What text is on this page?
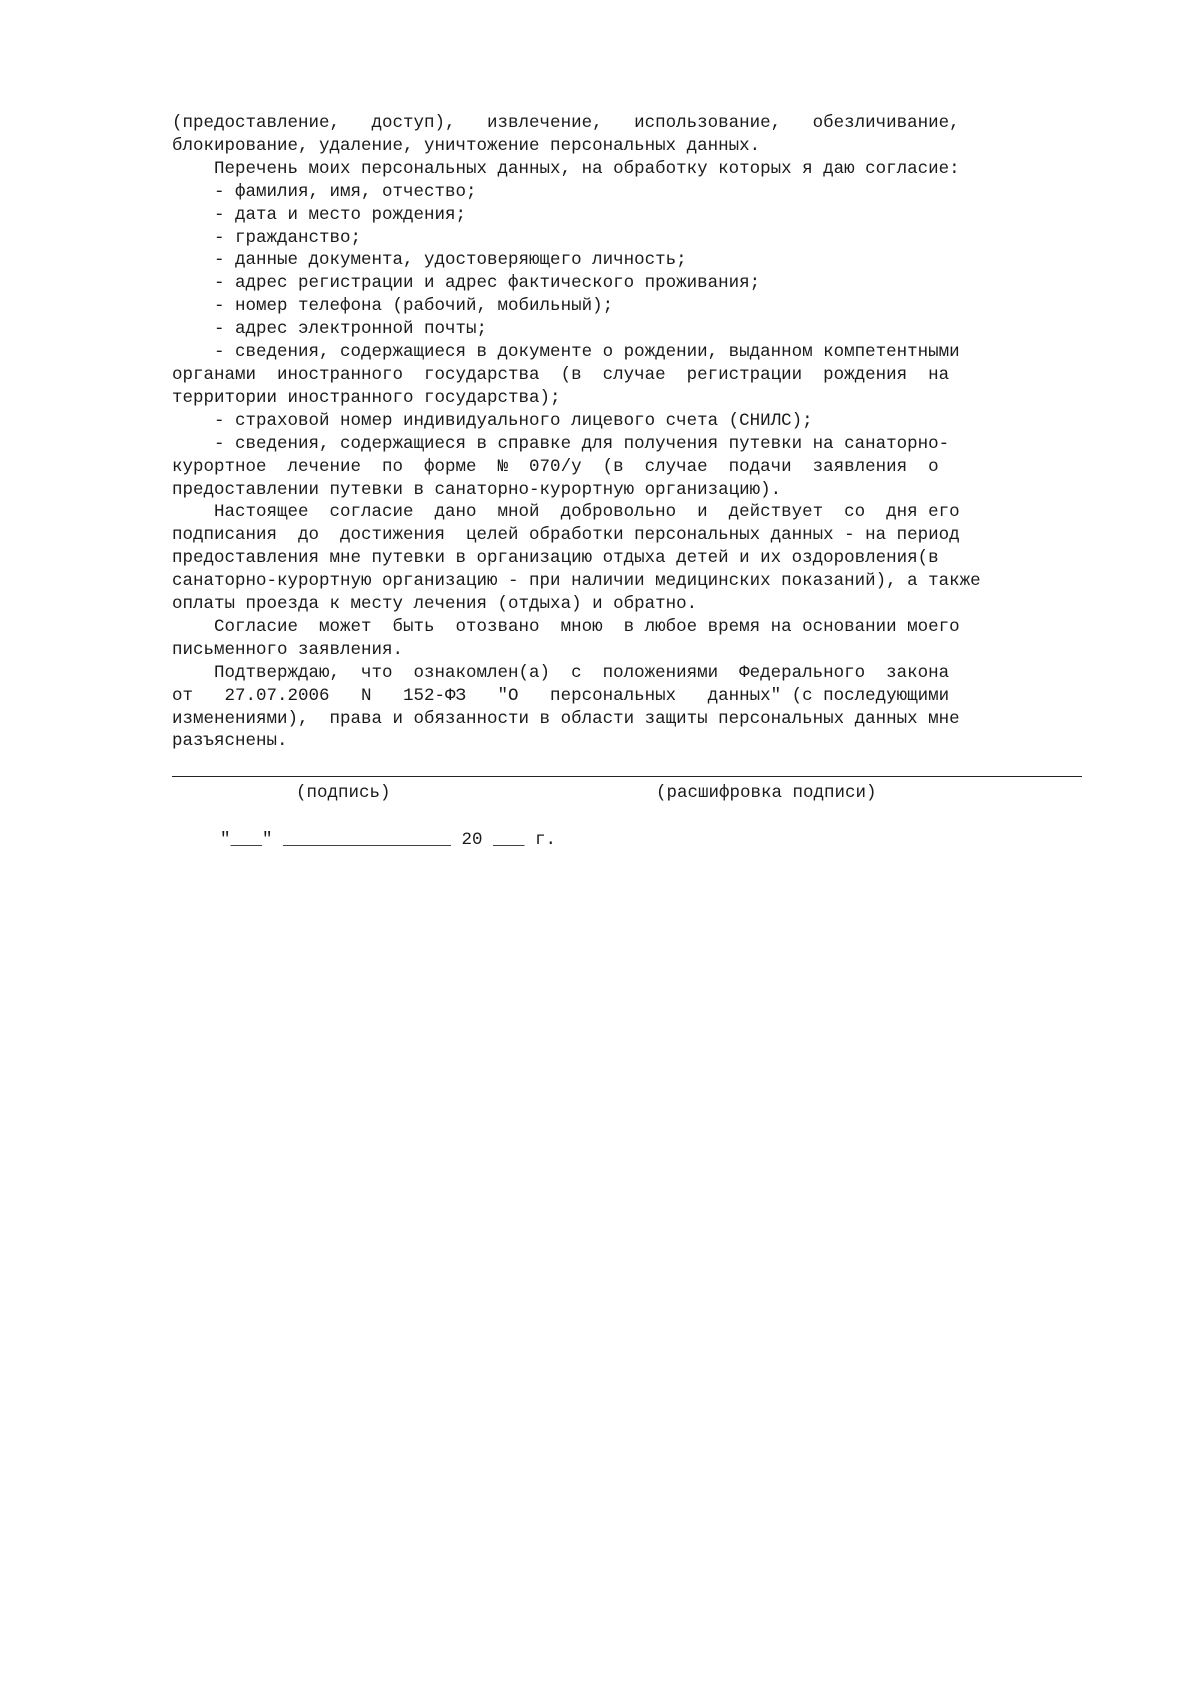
(предоставление,   доступ),   извлечение,   использование,   обезличивание,
блокирование, удаление, уничтожение персональных данных.
Перечень моих персональных данных, на обработку которых я даю согласие:
- фамилия, имя, отчество;
- дата и место рождения;
- гражданство;
- данные документа, удостоверяющего личность;
- адрес регистрации и адрес фактического проживания;
- номер телефона (рабочий, мобильный);
- адрес электронной почты;
- сведения, содержащиеся в документе о рождении, выданном компетентными
органами  иностранного  государства  (в  случае  регистрации  рождения  на
территории иностранного государства);
- страховой номер индивидуального лицевого счета (СНИЛС);
- сведения, содержащиеся в справке для получения путевки на санаторно-
курортное  лечение  по  форме  №  070/у  (в  случае  подачи  заявления  о
предоставлении путевки в санаторно-курортную организацию).
Настоящее  согласие  дано  мной  добровольно  и  действует  со  дня его
подписания  до  достижения  целей обработки персональных данных - на период
предоставления мне путевки в организацию отдыха детей и их оздоровления(в
санаторно-курортную организацию - при наличии медицинских показаний), а также
оплаты проезда к месту лечения (отдыха) и обратно.
Согласие  может  быть  отозвано  мною  в любое время на основании моего
письменного заявления.
Подтверждаю,  что  ознакомлен(а)  с  положениями  Федерального  закона
от   27.07.2006   N   152-ФЗ   "О   персональных   данных" (с последующими
изменениями),  права и обязанности в области защиты персональных данных мне
разъяснены.
(подпись)	(расшифровка подписи)
"___" ________________ 20 ___ г.
